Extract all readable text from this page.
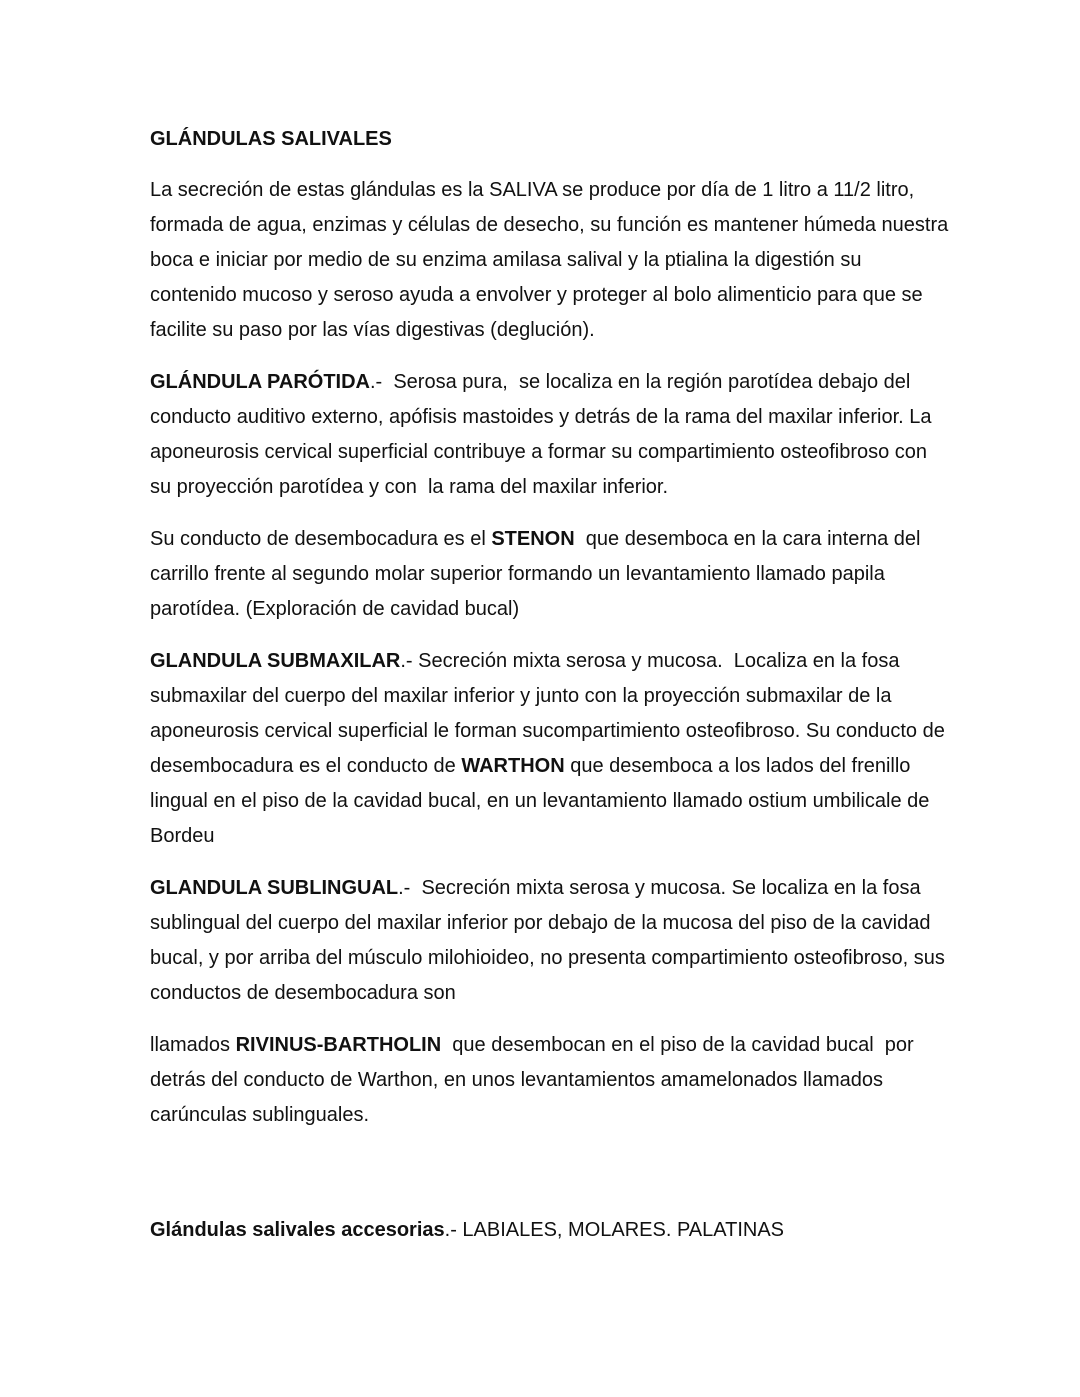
GLÁNDULAS SALIVALES

La secreción de estas glándulas es la SALIVA se produce por día de 1 litro a 11/2 litro, formada de agua, enzimas y células de desecho, su función es mantener húmeda nuestra boca e iniciar por medio de su enzima amilasa salival y la ptialina la digestión su contenido mucoso y seroso ayuda a envolver y proteger al bolo alimenticio para que se facilite su paso por las vías digestivas (deglución).

GLÁNDULA PARÓTIDA.-  Serosa pura,  se localiza en la región parotídea debajo del conducto auditivo externo, apófisis mastoides y detrás de la rama del maxilar inferior. La aponeurosis cervical superficial contribuye a formar su compartimiento osteofibroso con su proyección parotídea y con  la rama del maxilar inferior.

Su conducto de desembocadura es el STENON  que desemboca en la cara interna del carrillo frente al segundo molar superior formando un levantamiento llamado papila parotídea. (Exploración de cavidad bucal)

GLANDULA SUBMAXILAR.- Secreción mixta serosa y mucosa.  Localiza en la fosa submaxilar del cuerpo del maxilar inferior y junto con la proyección submaxilar de la aponeurosis cervical superficial le forman sucompartimiento osteofibroso. Su conducto de desembocadura es el conducto de WARTHON que desemboca a los lados del frenillo lingual en el piso de la cavidad bucal, en un levantamiento llamado ostium umbilicale de Bordeu

GLANDULA SUBLINGUAL.-  Secreción mixta serosa y mucosa. Se localiza en la fosa sublingual del cuerpo del maxilar inferior por debajo de la mucosa del piso de la cavidad bucal, y por arriba del músculo milohioideo, no presenta compartimiento osteofibroso, sus conductos de desembocadura son

llamados RIVINUS-BARTHOLIN  que desembocan en el piso de la cavidad bucal  por detrás del conducto de Warthon, en unos levantamientos amamelonados llamados carúnculas sublinguales.

Glándulas salivales accesorias.- LABIALES, MOLARES. PALATINAS
